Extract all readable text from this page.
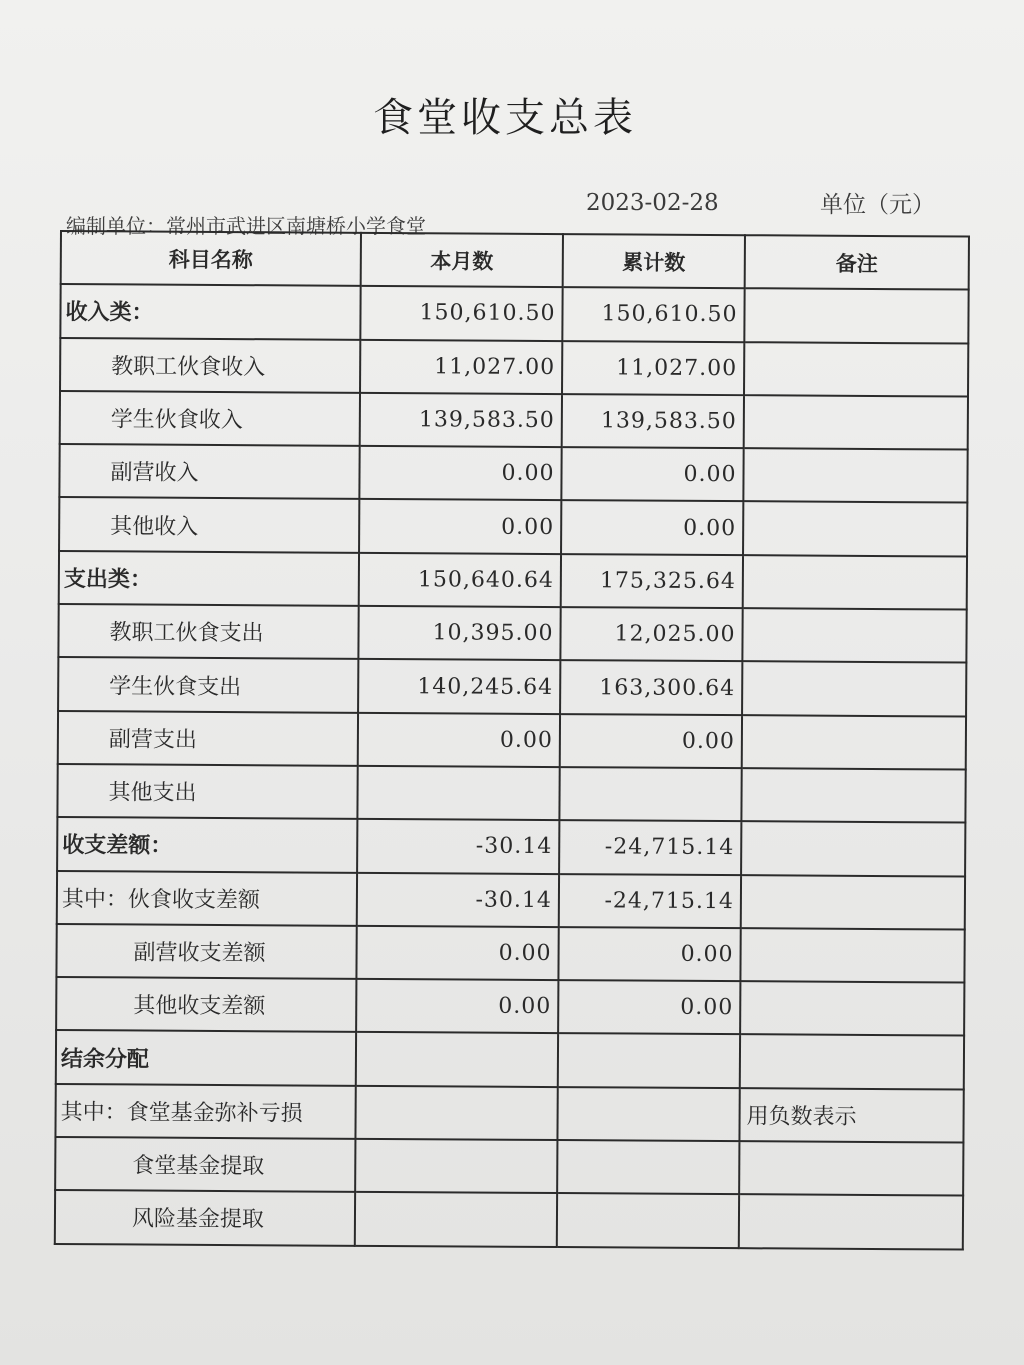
食堂收支总表
2023-02-28	单位（元）
编制单位：常州市武进区南塘桥小学食堂
科目名称	本月数	累计数	备注
收入类：	150,610.50	150,610.50	
教职工伙食收入	11,027.00	11,027.00	
学生伙食收入	139,583.50	139,583.50	
副营收入	0.00	0.00	
其他收入	0.00	0.00	
支出类：	150,640.64	175,325.64	
教职工伙食支出	10,395.00	12,025.00	
学生伙食支出	140,245.64	163,300.64	
副营支出	0.00	0.00	
其他支出			
收支差额：	-30.14	-24,715.14	
其中：伙食收支差额	-30.14	-24,715.14	
副营收支差额	0.00	0.00	
其他收支差额	0.00	0.00	
结余分配			
其中：食堂基金弥补亏损			用负数表示
食堂基金提取			
风险基金提取			
